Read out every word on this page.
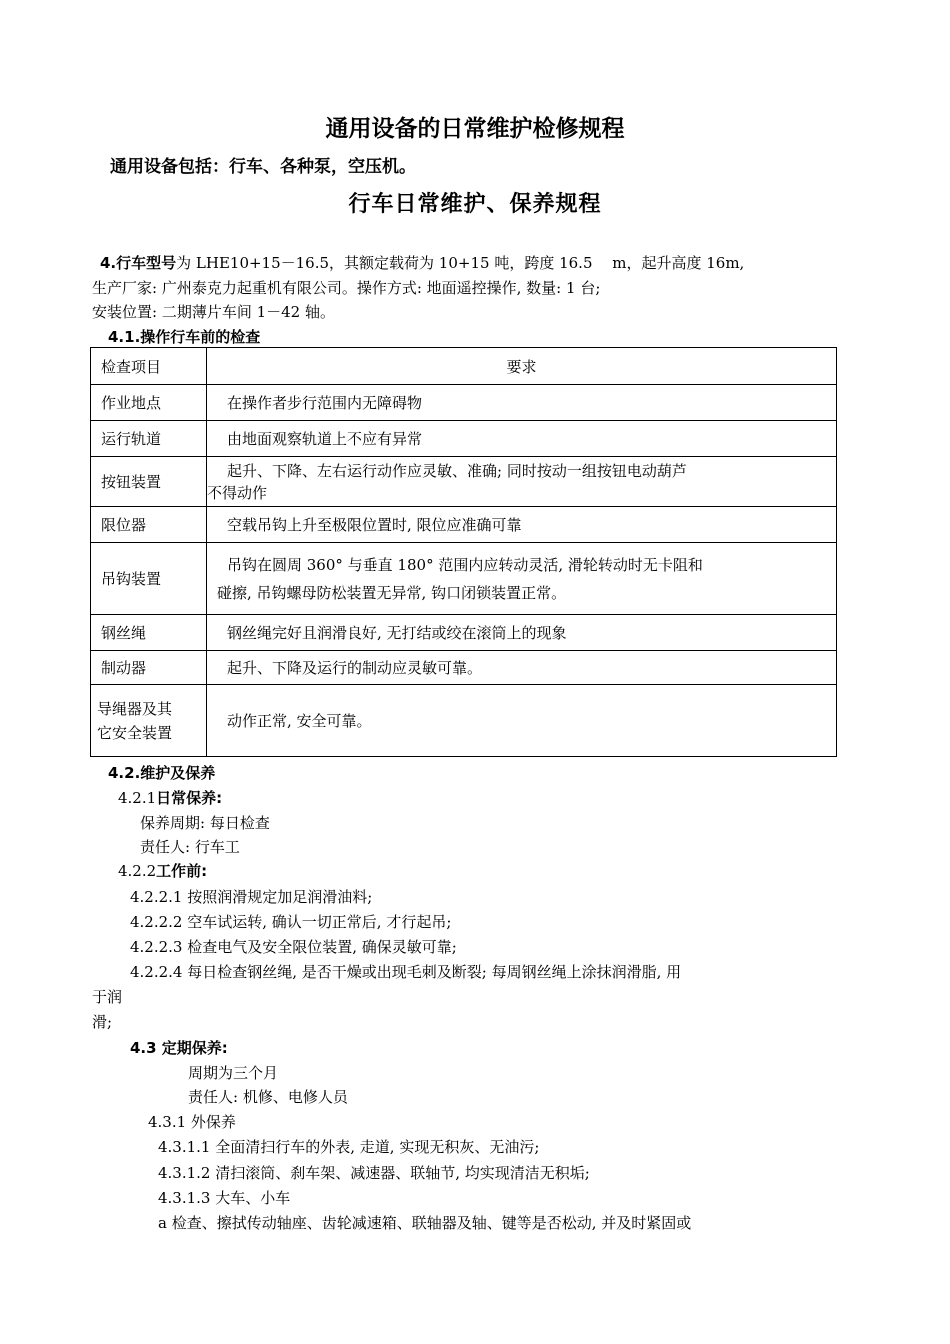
通用设备的日常维护检修规程
通用设备包括：行车、各种泵，空压机。
行车日常维护、保养规程
4.行车型号为 LHE10+15－16.5，其额定载荷为 10+15 吨，跨度 16.5　 m，起升高度 16m,
生产厂家: 广州泰克力起重机有限公司。操作方式: 地面遥控操作, 数量: 1 台;
安装位置: 二期薄片车间 1－42 轴。
4.1.操作行车前的检查
检查项目	要求
作业地点	在操作者步行范围内无障碍物
运行轨道	由地面观察轨道上不应有异常
按钮装置	起升、下降、左右运行动作应灵敏、准确; 同时按动一组按钮电动葫芦
不得动作

限位器	空载吊钩上升至极限位置时, 限位应准确可靠
吊钩装置	吊钩在圆周 360° 与垂直 180° 范围内应转动灵活, 滑轮转动时无卡阻和
碰擦, 吊钩螺母防松装置无异常, 钩口闭锁装置正常。

钢丝绳	钢丝绳完好且润滑良好, 无打结或绞在滚筒上的现象
制动器	起升、下降及运行的制动应灵敏可靠。

导绳器及其
它安全装置	动作正常, 安全可靠。
4.2.维护及保养
4.2.1日常保养:
保养周期: 每日检查
责任人: 行车工
4.2.2工作前:
4.2.2.1 按照润滑规定加足润滑油料;
4.2.2.2 空车试运转, 确认一切正常后, 才行起吊;
4.2.2.3 检查电气及安全限位装置, 确保灵敏可靠;
4.2.2.4 每日检查钢丝绳, 是否干燥或出现毛刺及断裂; 每周钢丝绳上涂抹润滑脂, 用
于润
滑;
4.3 定期保养:
周期为三个月
责任人: 机修、电修人员
4.3.1 外保养
4.3.1.1 全面清扫行车的外表, 走道, 实现无积灰、无油污;
4.3.1.2 清扫滚筒、刹车架、减速器、联轴节, 均实现清洁无积垢;
4.3.1.3 大车、小车
a 检查、擦拭传动轴座、齿轮减速箱、联轴器及轴、键等是否松动, 并及时紧固或
